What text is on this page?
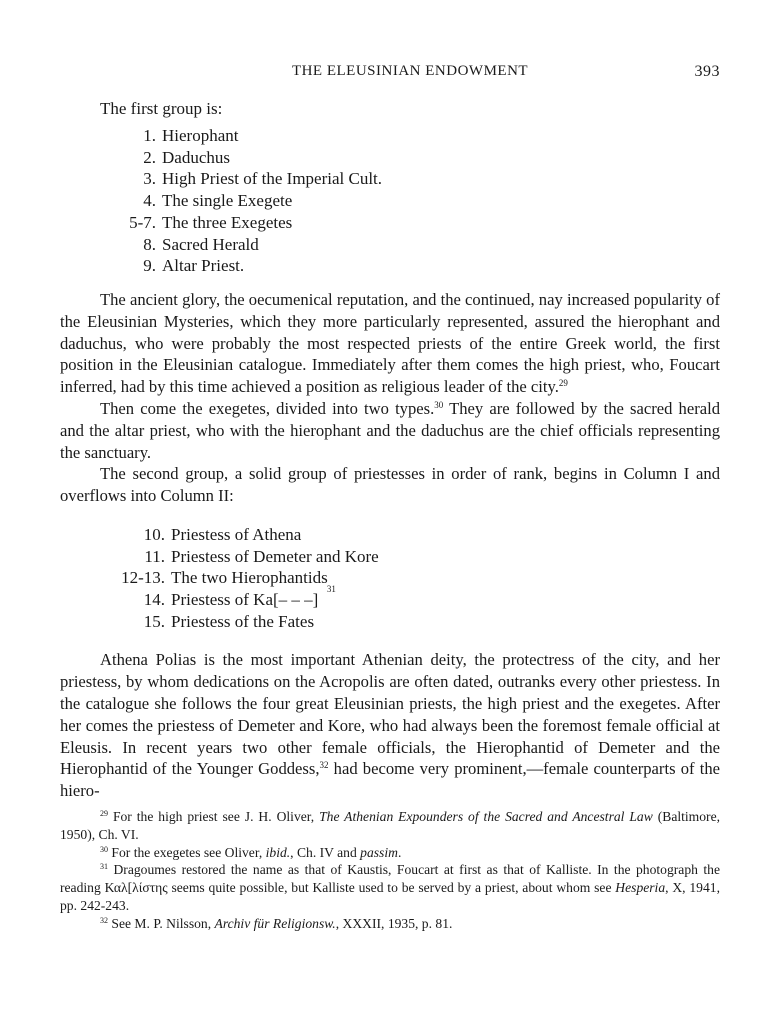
THE ELEUSINIAN ENDOWMENT	393
The first group is:
1. Hierophant
2. Daduchus
3. High Priest of the Imperial Cult.
4. The single Exegete
5-7. The three Exegetes
8. Sacred Herald
9. Altar Priest.

The ancient glory, the oecumenical reputation, and the continued, nay increased popularity of the Eleusinian Mysteries, which they more particularly represented, assured the hierophant and daduchus, who were probably the most respected priests of the entire Greek world, the first position in the Eleusinian catalogue. Immediately after them comes the high priest, who, Foucart inferred, had by this time achieved a position as religious leader of the city.$^{29}$

Then come the exegetes, divided into two types.$^{30}$ They are followed by the sacred herald and the altar priest, who with the hierophant and the daduchus are the chief officials representing the sanctuary.

The second group, a solid group of priestesses in order of rank, begins in Column I and overflows into Column II:

10. Priestess of Athena
11. Priestess of Demeter and Kore
12-13. The two Hierophantids
14. Priestess of Ka[– – –]

31
15. Priestess of the Fates

Athena Polias is the most important Athenian deity, the protectress of the city, and her priestess, by whom dedications on the Acropolis are often dated, outranks every other priestess. In the catalogue she follows the four great Eleusinian priests, the high priest and the exegetes. After her comes the priestess of Demeter and Kore, who had always been the foremost female official at Eleusis. In recent years two other female officials, the Hierophantid of Demeter and the Hierophantid of the Younger Goddess,$^{32}$ had become very prominent,—female counterparts of the hiero-

$^{29}$ For the high priest see J. H. Oliver, The Athenian Expounders of the Sacred and Ancestral Law (Baltimore, 1950), Ch. VI.

$^{30}$ For the exegetes see Oliver, ibid., Ch. IV and passim.

$^{31}$ Dragoumes restored the name as that of Kaustis, Foucart at first as that of Kalliste. In the photograph the reading Καλ[λίστης seems quite possible, but Kalliste used to be served by a priest, about whom see Hesperia, X, 1941, pp. 242-243.

$^{32}$ See M. P. Nilsson, Archiv für Religionsw., XXXII, 1935, p. 81.
